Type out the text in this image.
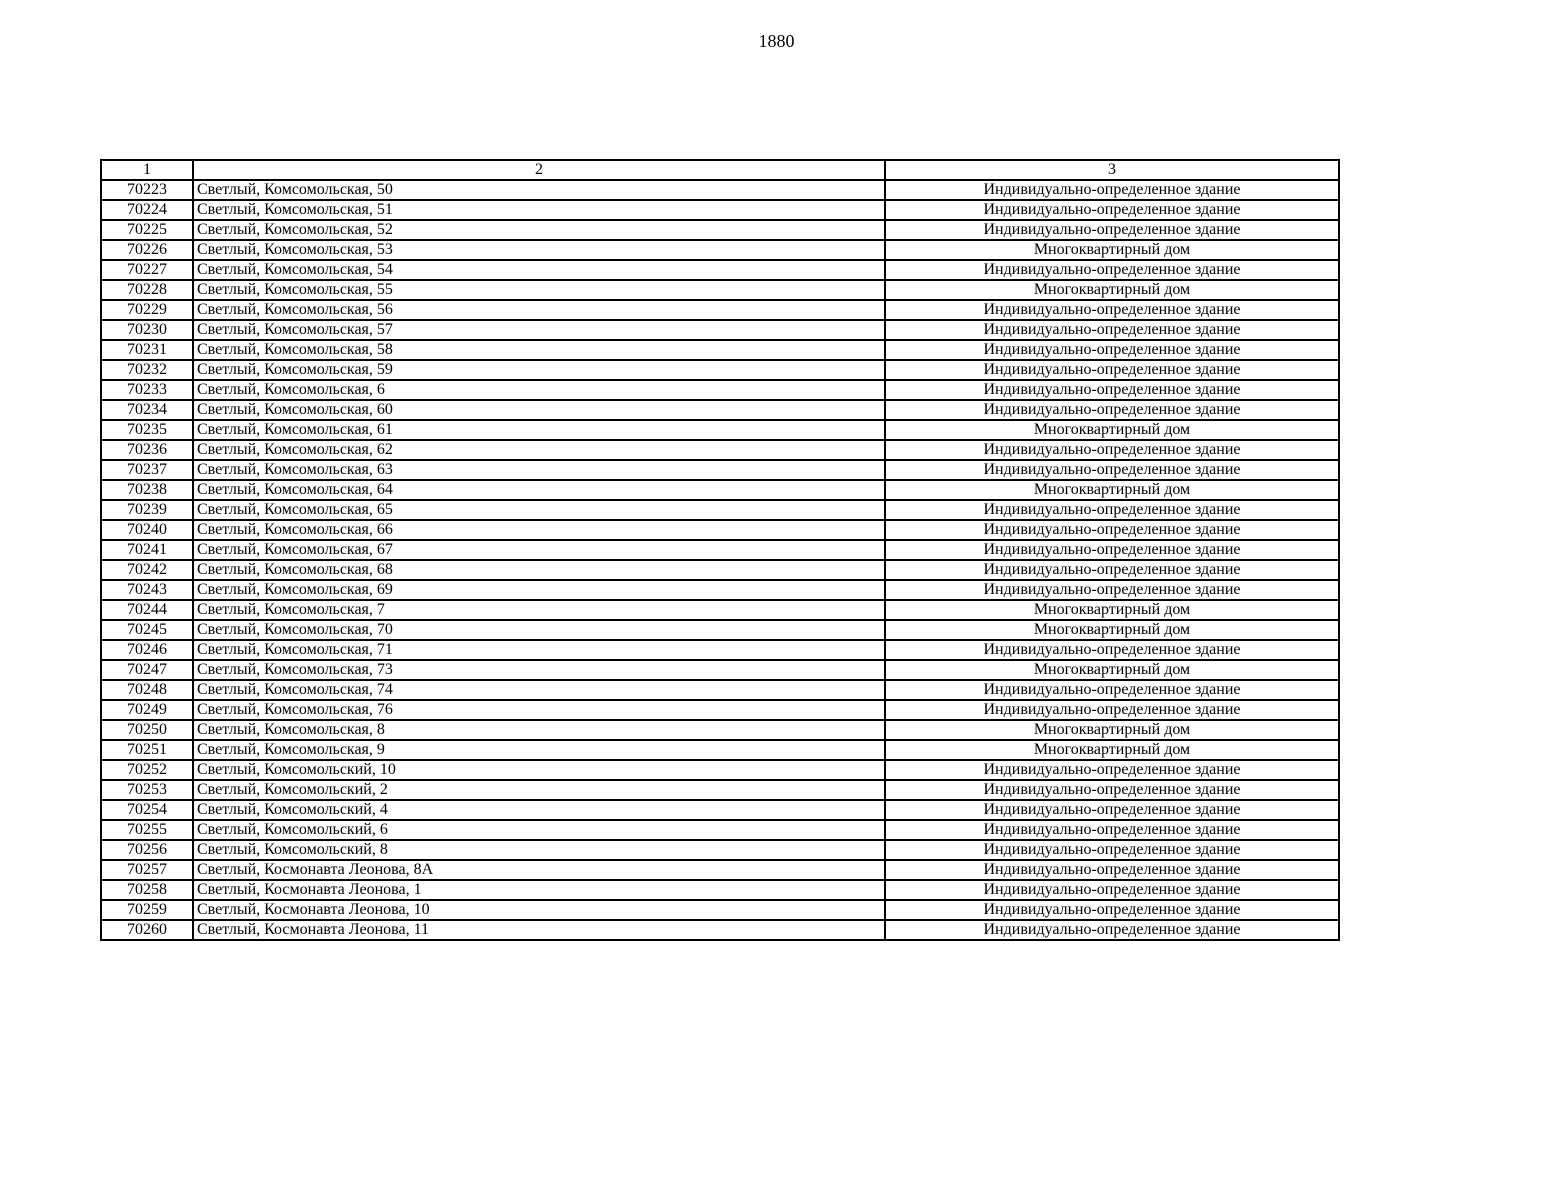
1880
1	2	3
70223	Светлый, Комсомольская, 50	Индивидуально-определенное здание
70224	Светлый, Комсомольская, 51	Индивидуально-определенное здание
70225	Светлый, Комсомольская, 52	Индивидуально-определенное здание
70226	Светлый, Комсомольская, 53	Многоквартирный дом
70227	Светлый, Комсомольская, 54	Индивидуально-определенное здание
70228	Светлый, Комсомольская, 55	Многоквартирный дом
70229	Светлый, Комсомольская, 56	Индивидуально-определенное здание
70230	Светлый, Комсомольская, 57	Индивидуально-определенное здание
70231	Светлый, Комсомольская, 58	Индивидуально-определенное здание
70232	Светлый, Комсомольская, 59	Индивидуально-определенное здание
70233	Светлый, Комсомольская, 6	Индивидуально-определенное здание
70234	Светлый, Комсомольская, 60	Индивидуально-определенное здание
70235	Светлый, Комсомольская, 61	Многоквартирный дом
70236	Светлый, Комсомольская, 62	Индивидуально-определенное здание
70237	Светлый, Комсомольская, 63	Индивидуально-определенное здание
70238	Светлый, Комсомольская, 64	Многоквартирный дом
70239	Светлый, Комсомольская, 65	Индивидуально-определенное здание
70240	Светлый, Комсомольская, 66	Индивидуально-определенное здание
70241	Светлый, Комсомольская, 67	Индивидуально-определенное здание
70242	Светлый, Комсомольская, 68	Индивидуально-определенное здание
70243	Светлый, Комсомольская, 69	Индивидуально-определенное здание
70244	Светлый, Комсомольская, 7	Многоквартирный дом
70245	Светлый, Комсомольская, 70	Многоквартирный дом
70246	Светлый, Комсомольская, 71	Индивидуально-определенное здание
70247	Светлый, Комсомольская, 73	Многоквартирный дом
70248	Светлый, Комсомольская, 74	Индивидуально-определенное здание
70249	Светлый, Комсомольская, 76	Индивидуально-определенное здание
70250	Светлый, Комсомольская, 8	Многоквартирный дом
70251	Светлый, Комсомольская, 9	Многоквартирный дом
70252	Светлый, Комсомольский, 10	Индивидуально-определенное здание
70253	Светлый, Комсомольский, 2	Индивидуально-определенное здание
70254	Светлый, Комсомольский, 4	Индивидуально-определенное здание
70255	Светлый, Комсомольский, 6	Индивидуально-определенное здание
70256	Светлый, Комсомольский, 8	Индивидуально-определенное здание
70257	Светлый, Космонавта Леонова, 8А	Индивидуально-определенное здание
70258	Светлый, Космонавта Леонова, 1	Индивидуально-определенное здание
70259	Светлый, Космонавта Леонова, 10	Индивидуально-определенное здание
70260	Светлый, Космонавта Леонова, 11	Индивидуально-определенное здание
